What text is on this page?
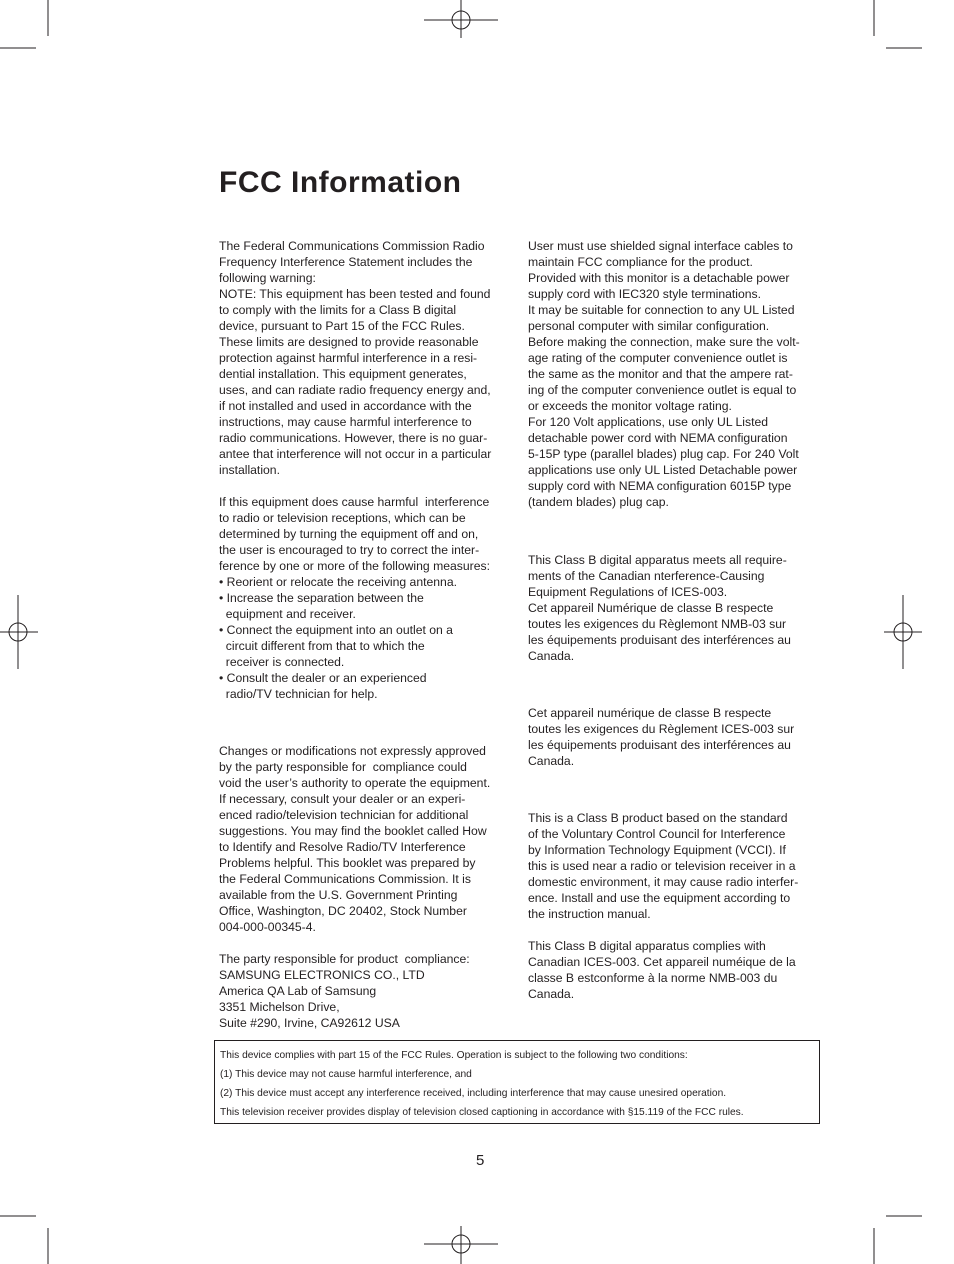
FCC Information
The Federal Communications Commission Radio
Frequency Interference Statement includes the
following warning:
NOTE: This equipment has been tested and found
to comply with the limits for a Class B digital
device, pursuant to Part 15 of the FCC Rules.
These limits are designed to provide reasonable
protection against harmful interference in a resi-
dential installation. This equipment generates,
uses, and can radiate radio frequency energy and,
if not installed and used in accordance with the
instructions, may cause harmful interference to
radio communications. However, there is no guar-
antee that interference will not occur in a particular
installation.
If this equipment does cause harmful  interference
to radio or television receptions, which can be
determined by turning the equipment off and on,
the user is encouraged to try to correct the inter-
ference by one or more of the following measures:
• Reorient or relocate the receiving antenna.
• Increase the separation between the
equipment and receiver.
• Connect the equipment into an outlet on a
circuit different from that to which the
receiver is connected.
• Consult the dealer or an experienced
radio/TV technician for help.
Changes or modifications not expressly approved
by the party responsible for  compliance could
void the user’s authority to operate the equipment.
If necessary, consult your dealer or an experi-
enced radio/television technician for additional
suggestions. You may find the booklet called How
to Identify and Resolve Radio/TV Interference
Problems helpful. This booklet was prepared by
the Federal Communications Commission. It is
available from the U.S. Government Printing
Office, Washington, DC 20402, Stock Number
004-000-00345-4.
The party responsible for product  compliance:
SAMSUNG ELECTRONICS CO., LTD
America QA Lab of Samsung
3351 Michelson Drive,
Suite #290, Irvine, CA92612 USA
User must use shielded signal interface cables to
maintain FCC compliance for the product.
Provided with this monitor is a detachable power
supply cord with IEC320 style terminations.
It may be suitable for connection to any UL Listed
personal computer with similar configuration.
Before making the connection, make sure the volt-
age rating of the computer convenience outlet is
the same as the monitor and that the ampere rat-
ing of the computer convenience outlet is equal to
or exceeds the monitor voltage rating.
For 120 Volt applications, use only UL Listed
detachable power cord with NEMA configuration
5-15P type (parallel blades) plug cap. For 240 Volt
applications use only UL Listed Detachable power
supply cord with NEMA configuration 6015P type
(tandem blades) plug cap.
This Class B digital apparatus meets all require-
ments of the Canadian nterference-Causing
Equipment Regulations of ICES-003.
Cet appareil Numérique de classe B respecte
toutes les exigences du Règlemont NMB-03 sur
les équipements produisant des interférences au
Canada.
Cet appareil numérique de classe B respecte
toutes les exigences du Règlement ICES-003 sur
les équipements produisant des interférences au
Canada.
This is a Class B product based on the standard
of the Voluntary Control Council for Interference
by Information Technology Equipment (VCCI). If
this is used near a radio or television receiver in a
domestic environment, it may cause radio interfer-
ence. Install and use the equipment according to
the instruction manual.
This Class B digital apparatus complies with
Canadian ICES-003. Cet appareil numéique de la
classe B estconforme à la norme NMB-003 du
Canada.
This device complies with part 15 of the FCC Rules. Operation is subject to the following two conditions:
(1) This device may not cause harmful interference, and
(2) This device must accept any interference received, including interference that may cause unesired operation.
This television receiver provides display of television closed captioning in accordance with §15.119 of the FCC rules.
5
